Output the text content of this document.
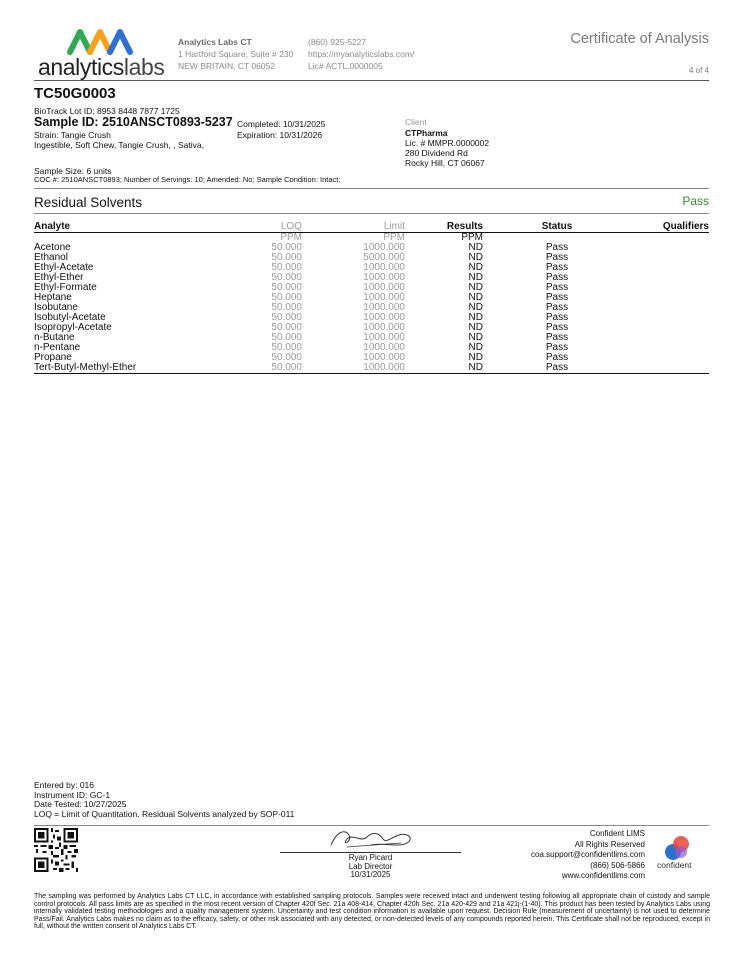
analyticslabs
Analytics Labs CT
1 Hartford Square, Suite # 230
NEW BRITAIN, CT 06052
(860) 925-5227
https://myanalyticslabs.com/
Lic# ACTL.0000005
Certificate of Analysis
4 of 4
TC50G0003
BioTrack Lot ID: 8953 8448 7877 1725
Sample ID: 2510ANSCT0893-5237
Strain: Tangie Crush
Ingestible, Soft Chew, Tangie Crush, , Sativa,
Completed: 10/31/2025
Expiration: 10/31/2026
Client
CTPharma
Lic. # MMPR.0000002
280 Dividend Rd
Rocky Hill, CT 06067
Sample Size: 6 units
COC #: 2510ANSCT0893; Number of Servings: 10; Amended: No; Sample Condition: Intact;
Residual Solvents	Pass
Analyte	LOQ	Limit	Results	Status	Qualifiers
	PPM	PPM	PPM		
Acetone	50.000	1000.000	ND	Pass	
Ethanol	50.000	5000.000	ND	Pass	
Ethyl-Acetate	50.000	1000.000	ND	Pass	
Ethyl-Ether	50.000	1000.000	ND	Pass	
Ethyl-Formate	50.000	1000.000	ND	Pass	
Heptane	50.000	1000.000	ND	Pass	
Isobutane	50.000	1000.000	ND	Pass	
Isobutyl-Acetate	50.000	1000.000	ND	Pass	
Isopropyl-Acetate	50.000	1000.000	ND	Pass	
n-Butane	50.000	1000.000	ND	Pass	
n-Pentane	50.000	1000.000	ND	Pass	
Propane	50.000	1000.000	ND	Pass	
Tert-Butyl-Methyl-Ether	50.000	1000.000	ND	Pass	
Entered by: 016
Instrument ID: GC-1
Date Tested: 10/27/2025
LOQ = Limit of Quantitation. Residual Solvents analyzed by SOP-011
Ryan Picard
Lab Director
10/31/2025
Confident LIMS
All Rights Reserved
coa.support@confidentlims.com
(866) 506-5866
www.confidentlims.com
confident
The sampling was performed by Analytics Labs CT LLC, in accordance with established sampling protocols. Samples were received intact and underwent testing following all appropriate chain of custody and sample control protocols. All pass limits are as specified in the most recent version of Chapter 420f Sec. 21a 408-414, Chapter 420h Sec. 21a 420-429 and 21a 421j-(1-40). This product has been tested by Analytics Labs using internally validated testing methodologies and a quality management system. Uncertainty and test condition information is available upon request. Decision Rule (measurement of uncertainty) is not used to determine Pass/Fail. Analytics Labs makes no claim as to the efficacy, safety, or other risk associated with any detected, or non-detected levels of any compounds reported herein. This Certificate shall not be reproduced, except in full, without the written consent of Analytics Labs CT.
